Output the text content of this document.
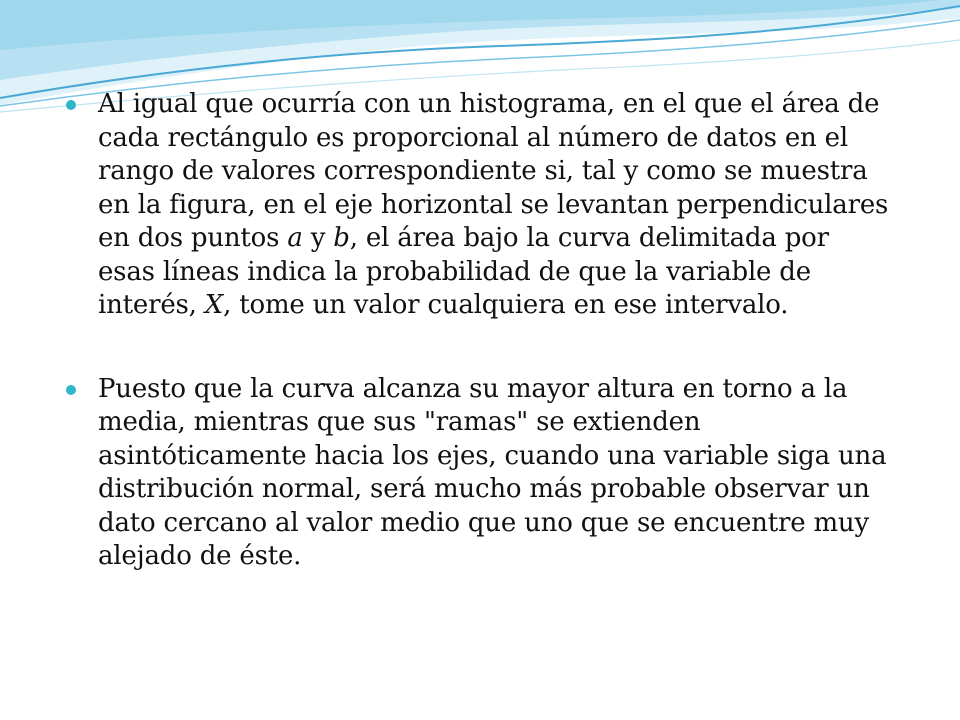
Al igual que ocurría con un histograma, en el que el área de cada rectángulo es proporcional al número de datos en el rango de valores correspondiente si, tal y como se muestra en la figura, en el eje horizontal se levantan perpendiculares en dos puntos a y b, el área bajo la curva delimitada por esas líneas indica la probabilidad de que la variable de interés, X, tome un valor cualquiera en ese intervalo.
Puesto que la curva alcanza su mayor altura en torno a la media, mientras que sus "ramas" se extienden asintóticamente hacia los ejes, cuando una variable siga una distribución normal, será mucho más probable observar un dato cercano al valor medio que uno que se encuentre muy alejado de éste.
